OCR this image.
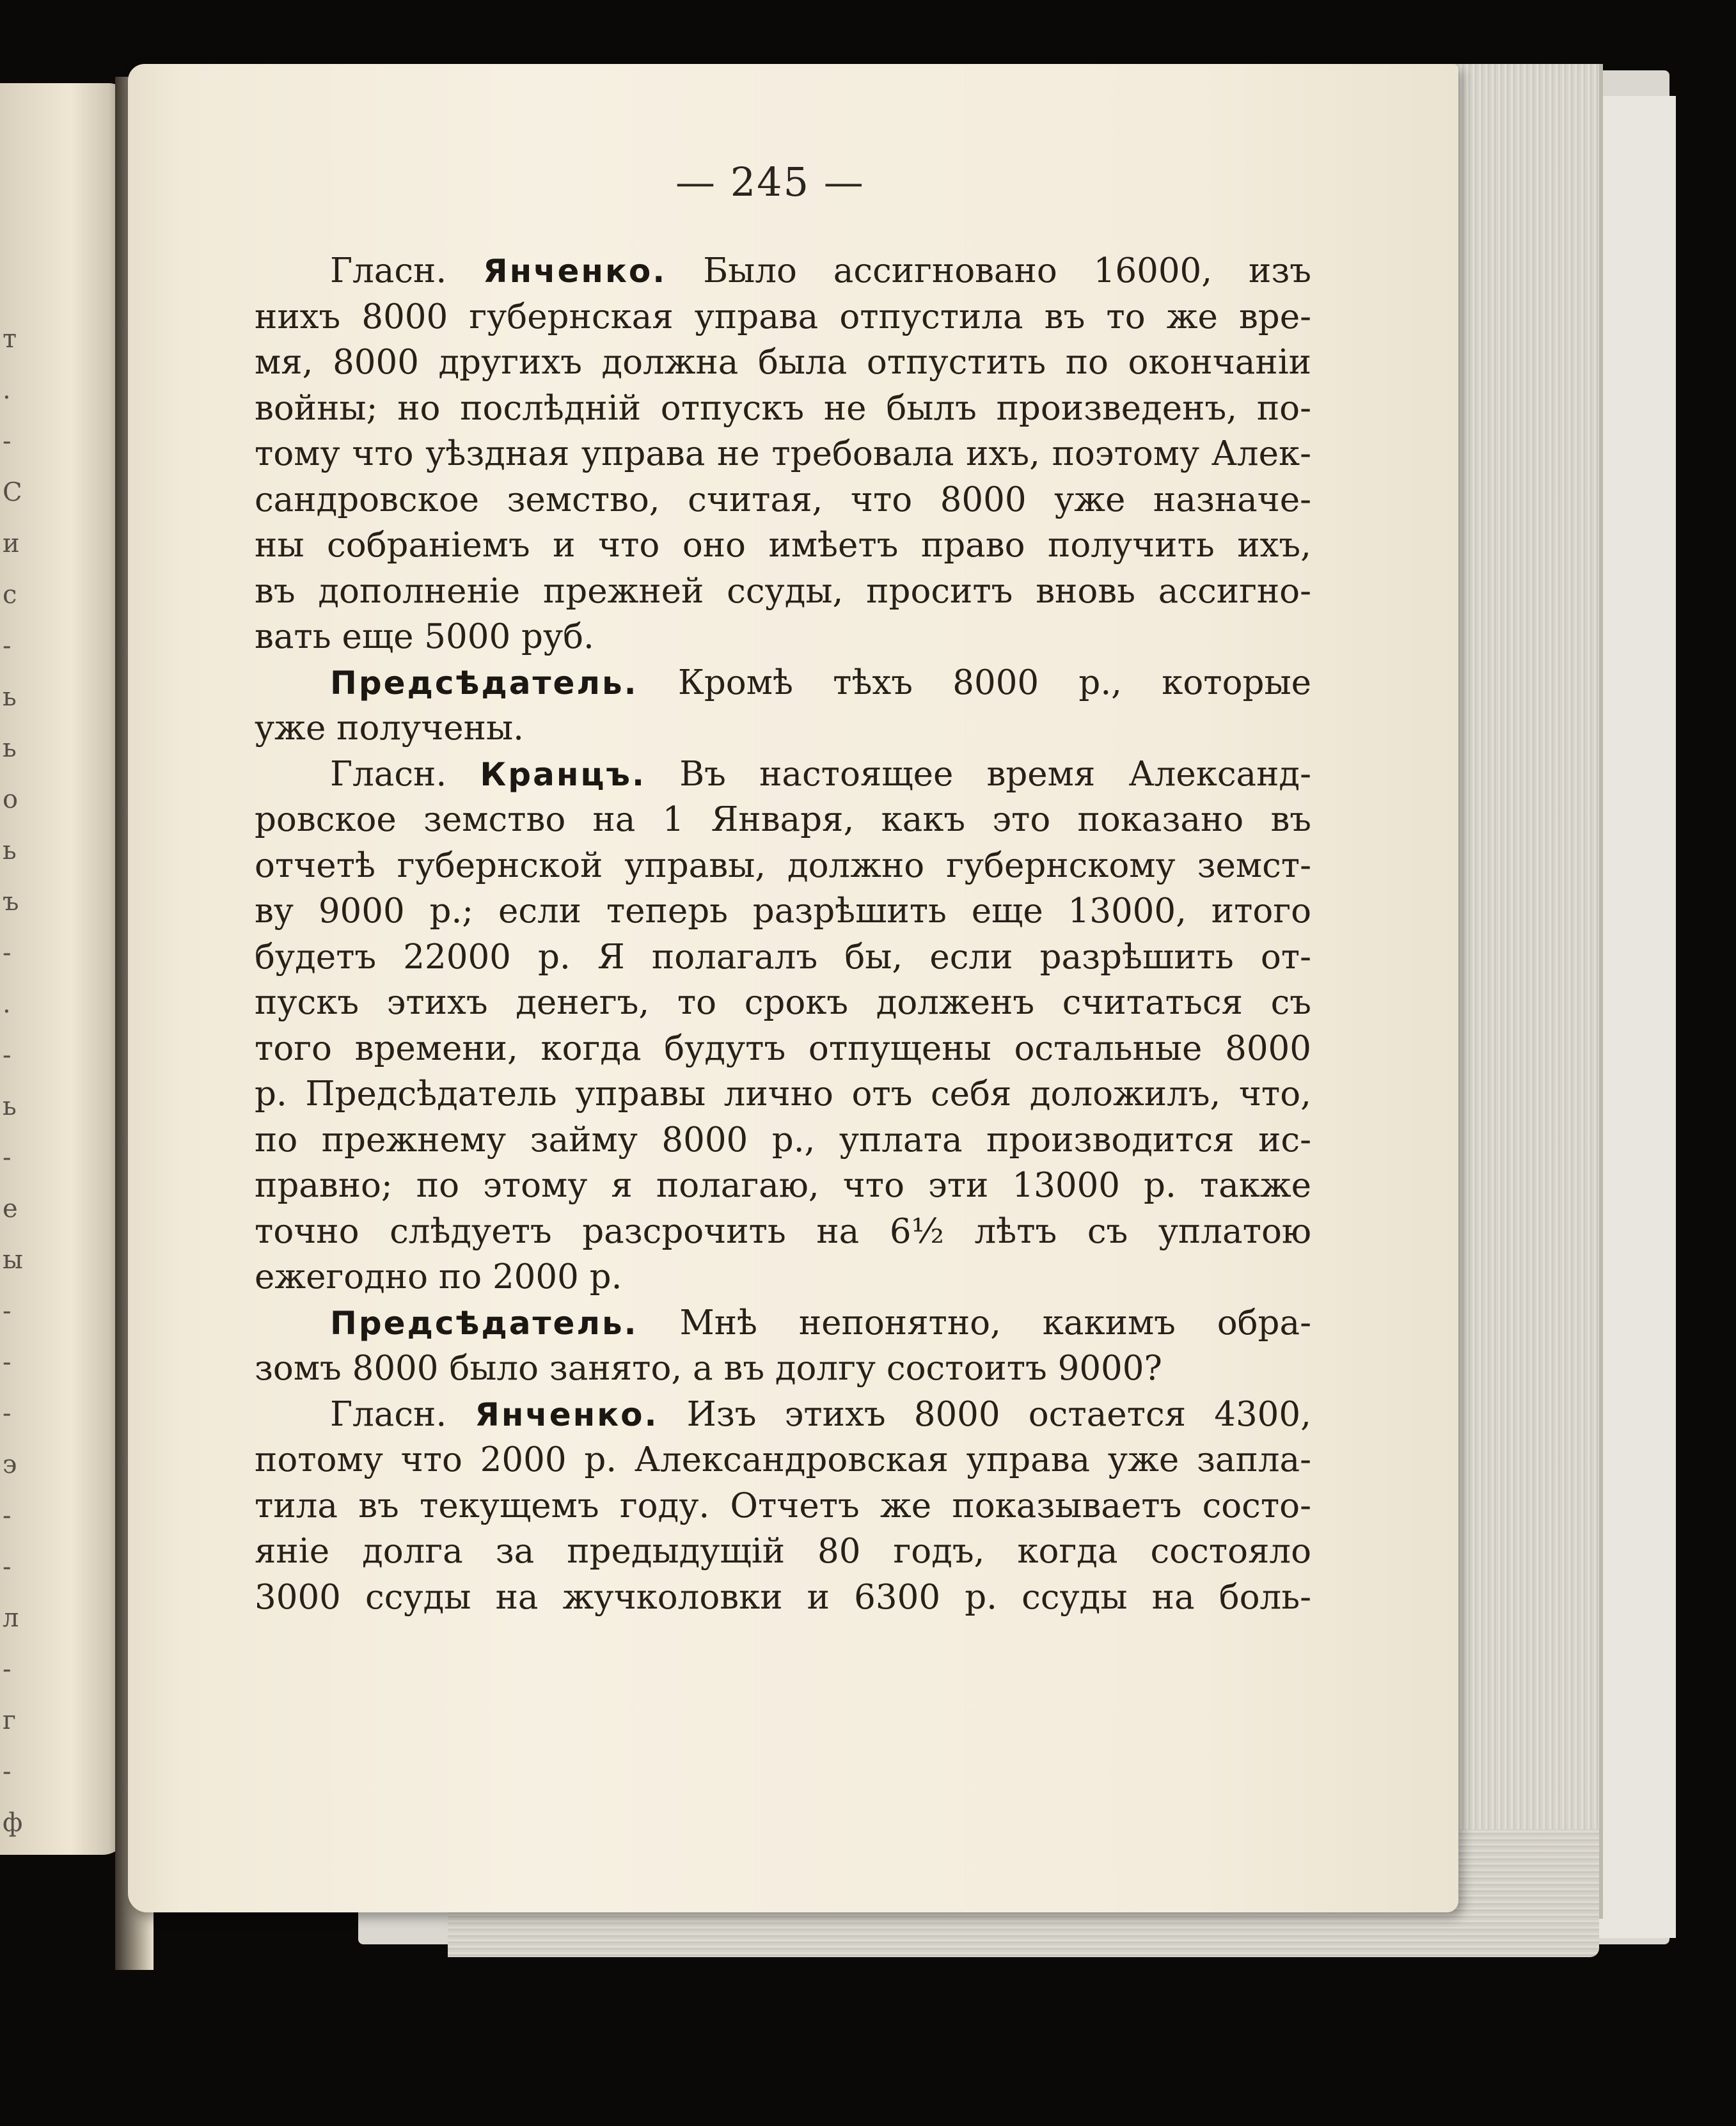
т
.
-
С
и
с
-
ь
ь
о
ь
ъ
-
.
-
ь
-
е
ы
-
-
-
э
-
-
л
-
г
-
ф
— 245 —
Гласн. Янченко. Было ассигновано 16000, изъ
нихъ 8000 губернская управа отпустила въ то же вре-
мя, 8000 другихъ должна была отпустить по окончанiи
войны; но послѣднiй отпускъ не былъ произведенъ, по-
тому что уѣздная управа не требовала ихъ, поэтому Алек-
сандровское земство, считая, что 8000 уже назначе-
ны собранiемъ и что оно имѣетъ право получить ихъ,
въ дополненiе прежней ссуды, проситъ вновь ассигно-
вать еще 5000 руб.
Предсѣдатель. Кромѣ тѣхъ 8000 р., которые
уже получены.
Гласн. Кранцъ. Въ настоящее время Александ-
ровское земство на 1 Января, какъ это показано въ
отчетѣ губернской управы, должно губернскому земст-
ву 9000 р.; если теперь разрѣшить еще 13000, итого
будетъ 22000 р. Я полагалъ бы, если разрѣшить от-
пускъ этихъ денегъ, то срокъ долженъ считаться съ
того времени, когда будутъ отпущены остальные 8000
р. Предсѣдатель управы лично отъ себя доложилъ, что,
по прежнему займу 8000 р., уплата производится ис-
правно; по этому я полагаю, что эти 13000 р. также
точно слѣдуетъ разсрочить на 6½ лѣтъ съ уплатою
ежегодно по 2000 р.
Предсѣдатель. Мнѣ непонятно, какимъ обра-
зомъ 8000 было занято, а въ долгу состоитъ 9000?
Гласн. Янченко. Изъ этихъ 8000 остается 4300,
потому что 2000 р. Александровская управа уже запла-
тила въ текущемъ году. Отчетъ же показываетъ состо-
янiе долга за предыдущiй 80 годъ, когда состояло
3000 ссуды на жучколовки и 6300 р. ссуды на боль-
